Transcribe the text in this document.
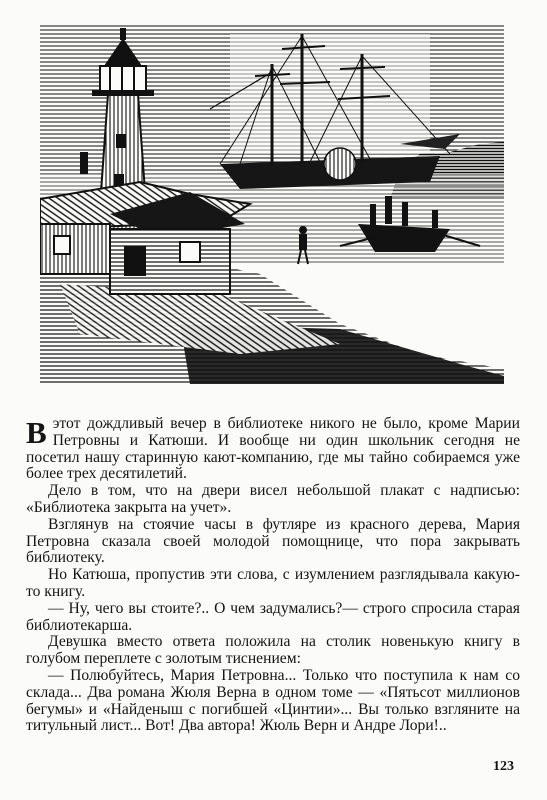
Вэтот дождливый вечер в библиотеке никого не было, кроме Марии Петровны и Катюши. И вообще ни один школьник сегодня не посетил нашу старинную кают-компанию, где мы тайно собираемся уже более трех десятилетий.

Дело в том, что на двери висел небольшой плакат с надписью: «Библиотека закрыта на учет».

Взглянув на стоячие часы в футляре из красного дерева, Мария Петровна сказала своей молодой помощнице, что пора закрывать библиотеку.

Но Катюша, пропустив эти слова, с изумлением разглядывала какую-то книгу.

— Ну, чего вы стоите?.. О чем задумались?— строго спросила старая библиотекарша.

Девушка вместо ответа положила на столик новенькую книгу в голубом переплете с золотым тиснением:

— Полюбуйтесь, Мария Петровна... Только что поступила к нам со склада... Два романа Жюля Верна в одном томе — «Пятьсот миллионов бегумы» и «Найденыш с погибшей «Цинтии»... Вы только взгляните на титульный лист... Вот! Два автора! Жюль Верн и Андре Лори!..

123
